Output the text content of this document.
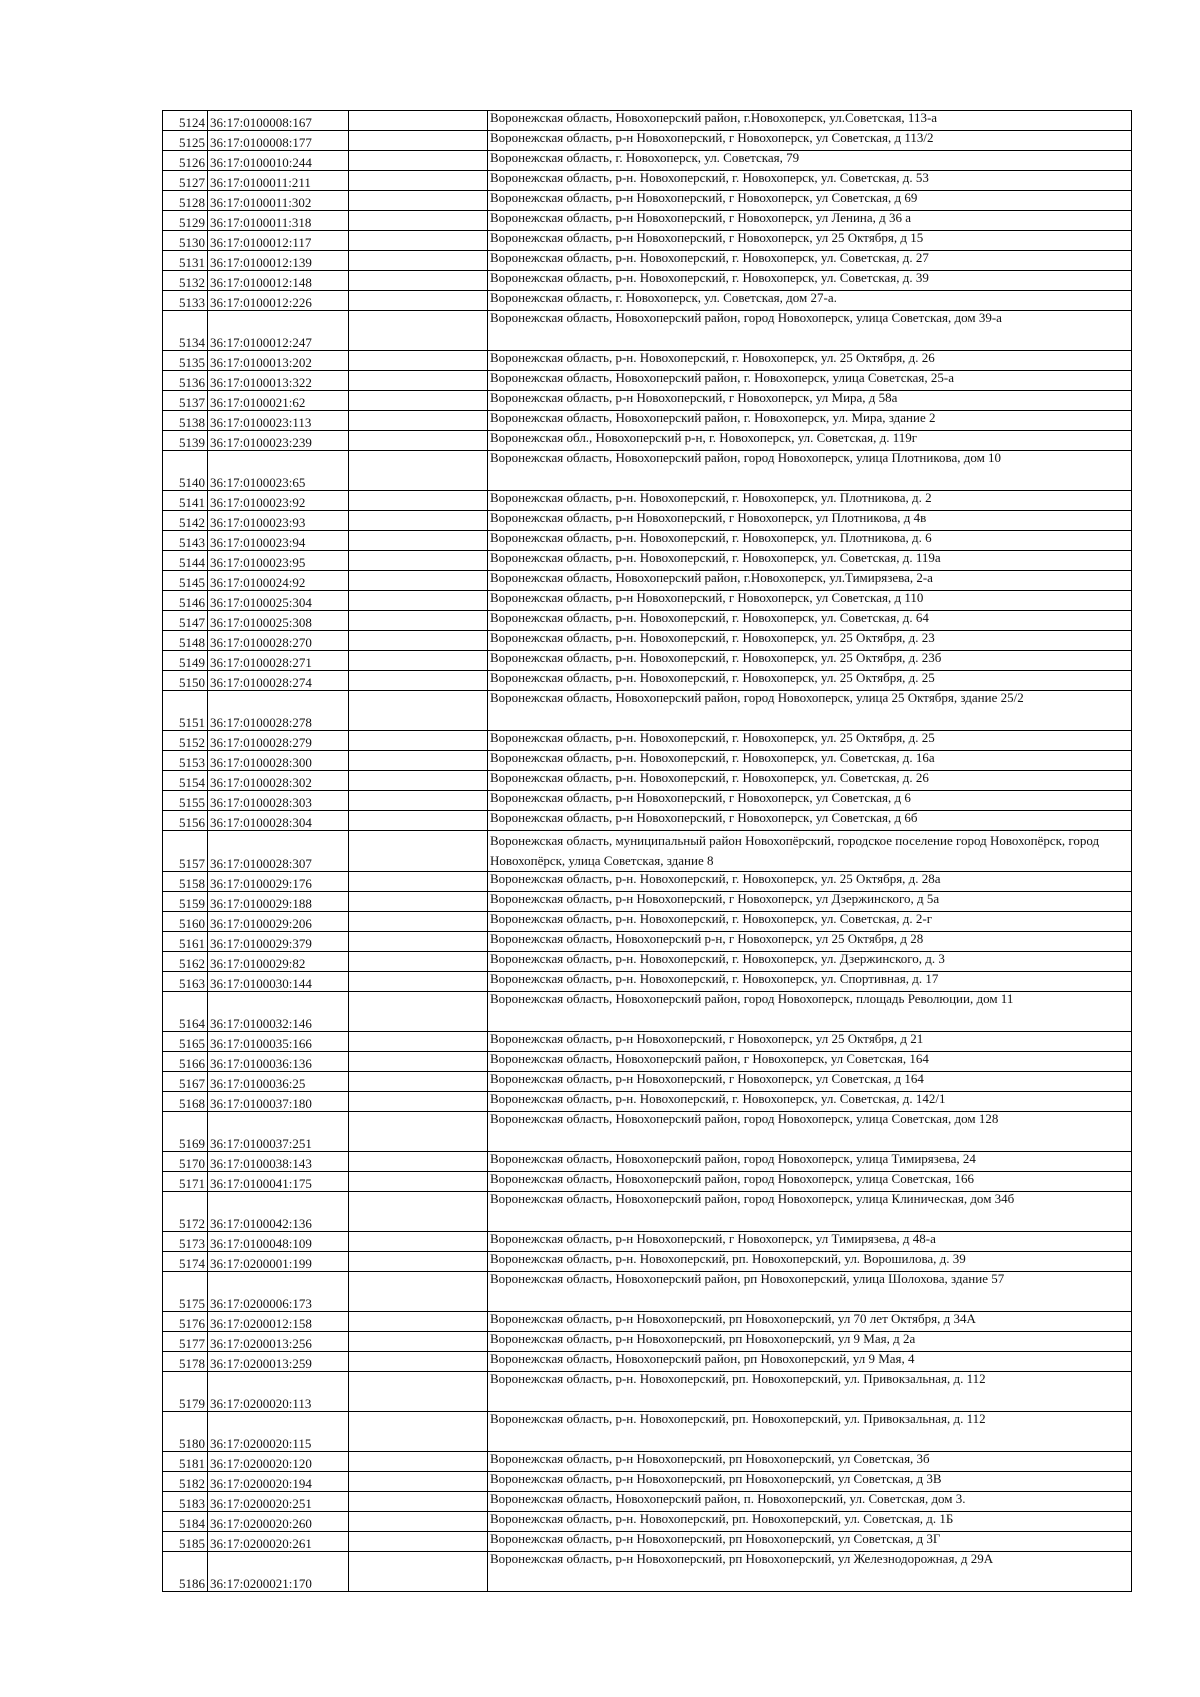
5124	36:17:0100008:167		Воронежская область, Новохоперский район, г.Новохоперск, ул.Советская, 113-а
5125	36:17:0100008:177		Воронежская область, р-н Новохоперский, г Новохоперск, ул Советская, д 113/2
5126	36:17:0100010:244		Воронежская область, г. Новохоперск, ул. Советская, 79
5127	36:17:0100011:211		Воронежская область, р-н. Новохоперский, г. Новохоперск, ул. Советская, д. 53
5128	36:17:0100011:302		Воронежская область, р-н Новохоперский, г Новохоперск, ул Советская, д 69
5129	36:17:0100011:318		Воронежская область, р-н Новохоперский, г Новохоперск, ул Ленина, д 36 а
5130	36:17:0100012:117		Воронежская область, р-н Новохоперский, г Новохоперск, ул 25 Октября, д 15
5131	36:17:0100012:139		Воронежская область, р-н. Новохоперский, г. Новохоперск, ул. Советская, д. 27
5132	36:17:0100012:148		Воронежская область, р-н. Новохоперский, г. Новохоперск, ул. Советская, д. 39
5133	36:17:0100012:226		Воронежская область, г. Новохоперск, ул. Советская, дом 27-а.
5134	36:17:0100012:247		Воронежская область, Новохоперский район, город Новохоперск, улица Советская, дом 39-а
5135	36:17:0100013:202		Воронежская область, р-н. Новохоперский, г. Новохоперск, ул. 25 Октября, д. 26
5136	36:17:0100013:322		Воронежская область, Новохоперский район, г. Новохоперск, улица Советская, 25-а
5137	36:17:0100021:62		Воронежская область, р-н Новохоперский, г Новохоперск, ул Мира, д 58а
5138	36:17:0100023:113		Воронежская область, Новохоперский район, г. Новохоперск, ул. Мира, здание 2
5139	36:17:0100023:239		Воронежская обл., Новохоперский р-н, г. Новохоперск, ул. Советская, д. 119г
5140	36:17:0100023:65		Воронежская область, Новохоперский район, город Новохоперск, улица Плотникова, дом 10
5141	36:17:0100023:92		Воронежская область, р-н. Новохоперский, г. Новохоперск, ул. Плотникова, д. 2
5142	36:17:0100023:93		Воронежская область, р-н Новохоперский, г Новохоперск, ул Плотникова, д 4в
5143	36:17:0100023:94		Воронежская область, р-н. Новохоперский, г. Новохоперск, ул. Плотникова, д. 6
5144	36:17:0100023:95		Воронежская область, р-н. Новохоперский, г. Новохоперск, ул. Советская, д. 119а
5145	36:17:0100024:92		Воронежская область, Новохоперский район, г.Новохоперск, ул.Тимирязева, 2-а
5146	36:17:0100025:304		Воронежская область, р-н Новохоперский, г Новохоперск, ул Советская, д 110
5147	36:17:0100025:308		Воронежская область, р-н. Новохоперский, г. Новохоперск, ул. Советская, д. 64
5148	36:17:0100028:270		Воронежская область, р-н. Новохоперский, г. Новохоперск, ул. 25 Октября, д. 23
5149	36:17:0100028:271		Воронежская область, р-н. Новохоперский, г. Новохоперск, ул. 25 Октября, д. 23б
5150	36:17:0100028:274		Воронежская область, р-н. Новохоперский, г. Новохоперск, ул. 25 Октября, д. 25
5151	36:17:0100028:278		Воронежская область, Новохоперский район, город Новохоперск, улица 25 Октября, здание 25/2
5152	36:17:0100028:279		Воронежская область, р-н. Новохоперский, г. Новохоперск, ул. 25 Октября, д. 25
5153	36:17:0100028:300		Воронежская область, р-н. Новохоперский, г. Новохоперск, ул. Советская, д. 16а
5154	36:17:0100028:302		Воронежская область, р-н. Новохоперский, г. Новохоперск, ул. Советская, д. 26
5155	36:17:0100028:303		Воронежская область, р-н Новохоперский, г Новохоперск, ул Советская, д 6
5156	36:17:0100028:304		Воронежская область, р-н Новохоперский, г Новохоперск, ул Советская, д 6б
5157	36:17:0100028:307		Воронежская область, муниципальный район Новохопёрский, городское поселение город Новохопёрск, город Новохопёрск, улица Советская, здание 8
5158	36:17:0100029:176		Воронежская область, р-н. Новохоперский, г. Новохоперск, ул. 25 Октября, д. 28а
5159	36:17:0100029:188		Воронежская область, р-н Новохоперский, г Новохоперск, ул Дзержинского, д 5а
5160	36:17:0100029:206		Воронежская область, р-н. Новохоперский, г. Новохоперск, ул. Советская, д. 2-г
5161	36:17:0100029:379		Воронежская область, Новохоперский р-н, г Новохоперск, ул 25 Октября, д 28
5162	36:17:0100029:82		Воронежская область, р-н. Новохоперский, г. Новохоперск, ул. Дзержинского, д. 3
5163	36:17:0100030:144		Воронежская область, р-н. Новохоперский, г. Новохоперск, ул. Спортивная, д. 17
5164	36:17:0100032:146		Воронежская область, Новохоперский район, город Новохоперск, площадь Революции, дом 11
5165	36:17:0100035:166		Воронежская область, р-н Новохоперский, г Новохоперск, ул 25 Октября, д 21
5166	36:17:0100036:136		Воронежская область, Новохоперский район, г Новохоперск, ул Советская, 164
5167	36:17:0100036:25		Воронежская область, р-н Новохоперский, г Новохоперск, ул Советская, д 164
5168	36:17:0100037:180		Воронежская область, р-н. Новохоперский, г. Новохоперск, ул. Советская, д. 142/1
5169	36:17:0100037:251		Воронежская область, Новохоперский район, город Новохоперск, улица Советская, дом 128
5170	36:17:0100038:143		Воронежская область, Новохоперский район, город Новохоперск, улица Тимирязева, 24
5171	36:17:0100041:175		Воронежская область, Новохоперский район, город Новохоперск, улица Советская, 166
5172	36:17:0100042:136		Воронежская область, Новохоперский район, город Новохоперск, улица Клиническая, дом 34б
5173	36:17:0100048:109		Воронежская область, р-н Новохоперский, г Новохоперск, ул Тимирязева, д 48-а
5174	36:17:0200001:199		Воронежская область, р-н. Новохоперский, рп. Новохоперский, ул. Ворошилова, д. 39
5175	36:17:0200006:173		Воронежская область, Новохоперский район, рп Новохоперский, улица Шолохова, здание 57
5176	36:17:0200012:158		Воронежская область, р-н Новохоперский, рп Новохоперский, ул 70 лет Октября, д 34А
5177	36:17:0200013:256		Воронежская область, р-н Новохоперский, рп Новохоперский, ул 9 Мая, д 2а
5178	36:17:0200013:259		Воронежская область, Новохоперский район, рп Новохоперский, ул 9 Мая, 4
5179	36:17:0200020:113		Воронежская область, р-н. Новохоперский, рп. Новохоперский, ул. Привокзальная, д. 112
5180	36:17:0200020:115		Воронежская область, р-н. Новохоперский, рп. Новохоперский, ул. Привокзальная, д. 112
5181	36:17:0200020:120		Воронежская область, р-н Новохоперский, рп Новохоперский, ул Советская, 3б
5182	36:17:0200020:194		Воронежская область, р-н Новохоперский, рп Новохоперский, ул Советская, д 3В
5183	36:17:0200020:251		Воронежская область, Новохоперский район, п. Новохоперский, ул. Советская, дом 3.
5184	36:17:0200020:260		Воронежская область, р-н. Новохоперский, рп. Новохоперский, ул. Советская, д. 1Б
5185	36:17:0200020:261		Воронежская область, р-н Новохоперский, рп Новохоперский, ул Советская, д 3Г
5186	36:17:0200021:170		Воронежская область, р-н Новохоперский, рп Новохоперский, ул Железнодорожная, д 29А
